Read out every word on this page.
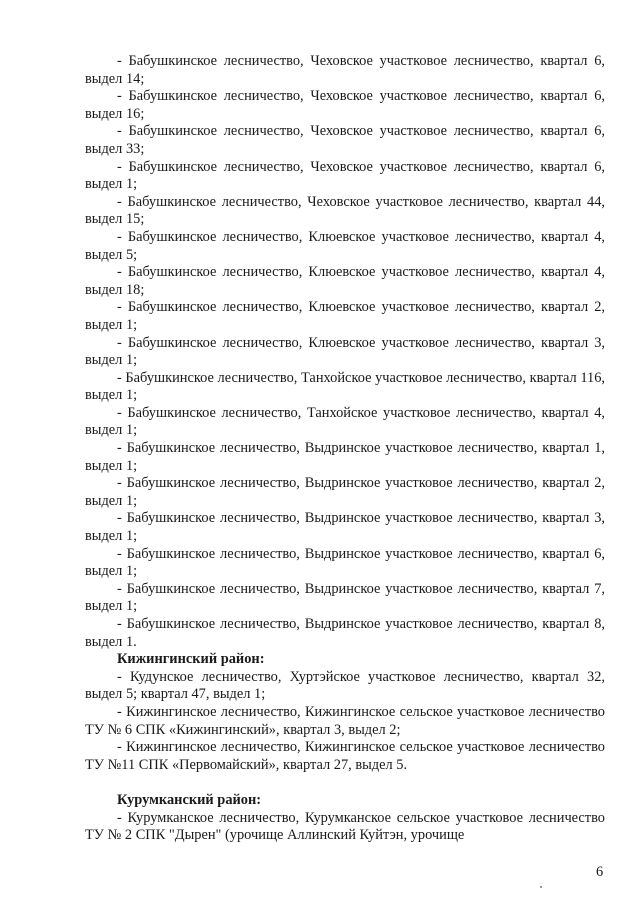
- Бабушкинское лесничество, Чеховское участковое лесничество, квартал 6, выдел 14;

- Бабушкинское лесничество, Чеховское участковое лесничество, квартал 6, выдел 16;

- Бабушкинское лесничество, Чеховское участковое лесничество, квартал 6, выдел 33;

- Бабушкинское лесничество, Чеховское участковое лесничество, квартал 6, выдел 1;

- Бабушкинское лесничество, Чеховское участковое лесничество, квартал 44, выдел 15;

- Бабушкинское лесничество, Клюевское участковое лесничество, квартал 4, выдел 5;

- Бабушкинское лесничество, Клюевское участковое лесничество, квартал 4, выдел 18;

- Бабушкинское лесничество, Клюевское участковое лесничество, квартал 2, выдел 1;

- Бабушкинское лесничество, Клюевское участковое лесничество, квартал 3, выдел 1;

- Бабушкинское лесничество, Танхойское участковое лесничество, квартал 116, выдел 1;

- Бабушкинское лесничество, Танхойское участковое лесничество, квартал 4, выдел 1;

- Бабушкинское лесничество, Выдринское участковое лесничество, квартал 1, выдел 1;

- Бабушкинское лесничество, Выдринское участковое лесничество, квартал 2, выдел 1;

- Бабушкинское лесничество, Выдринское участковое лесничество, квартал 3, выдел 1;

- Бабушкинское лесничество, Выдринское участковое лесничество, квартал 6, выдел 1;

- Бабушкинское лесничество, Выдринское участковое лесничество, квартал 7, выдел 1;

- Бабушкинское лесничество, Выдринское участковое лесничество, квартал 8, выдел 1.

Кижингинский район:

- Кудунское лесничество, Хуртэйское участковое лесничество, квартал 32, выдел 5; квартал 47, выдел 1;

- Кижингинское лесничество, Кижингинское сельское участковое лесничество ТУ № 6 СПК «Кижингинский», квартал 3, выдел 2;

- Кижингинское лесничество, Кижингинское сельское участковое лесничество ТУ №11 СПК «Первомайский», квартал 27, выдел 5.

Курумканский район:

- Курумканское лесничество, Курумканское сельское участковое лесничество ТУ № 2 СПК "Дырен" (урочище Аллинский Куйтэн, урочище

6
